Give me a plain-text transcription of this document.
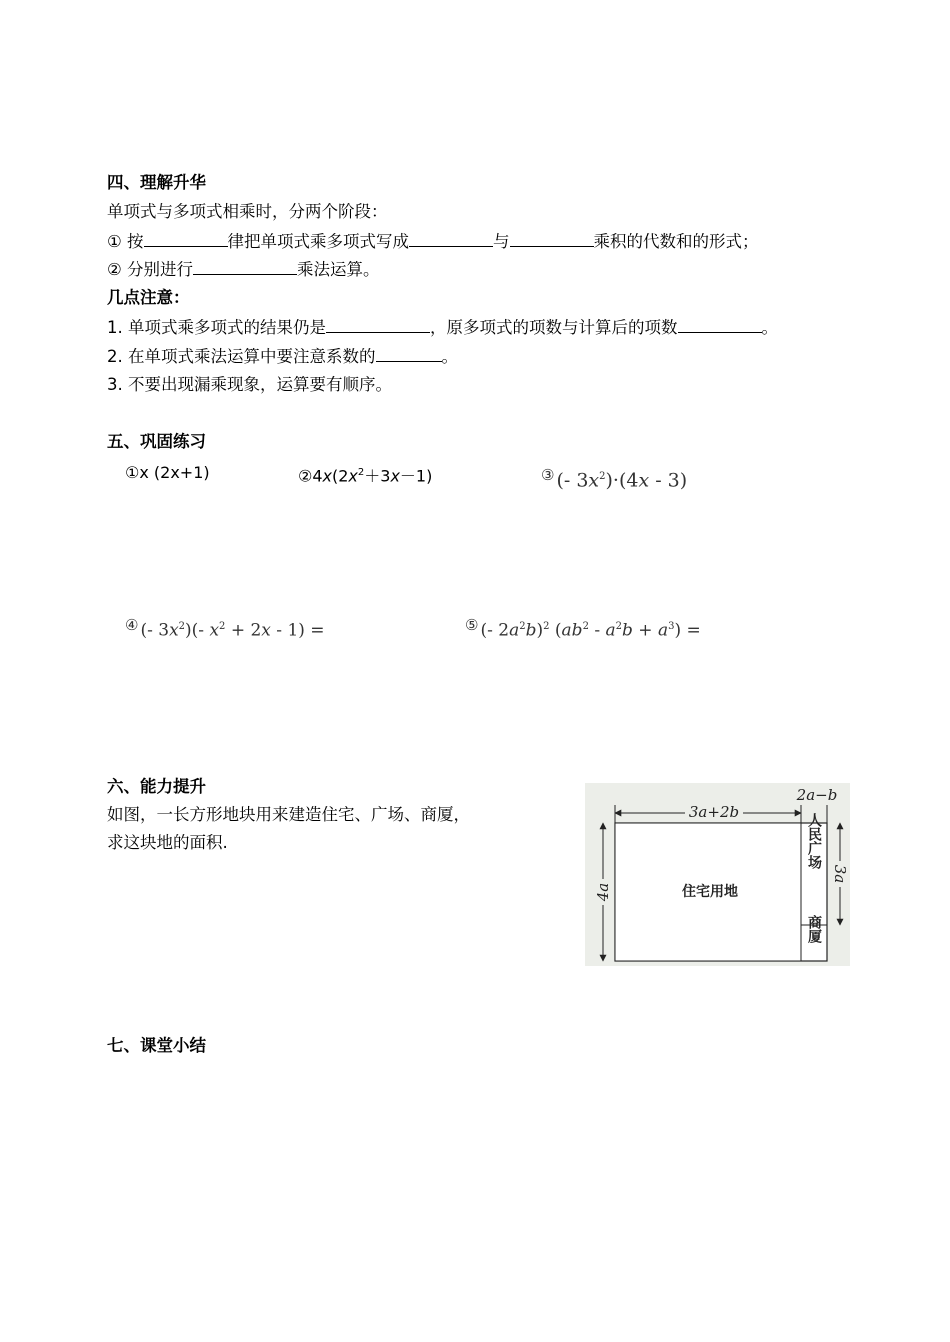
四、理解升华
单项式与多项式相乘时，分两个阶段：
① 按	律把单项式乘多项式写成	与	乘积的代数和的形式；
② 分别进行	乘法运算。
几点注意：
1. 单项式乘多项式的结果仍是	，原多项式的项数与计算后的项数	。
2. 在单项式乘法运算中要注意系数的	。
3. 不要出现漏乘现象，运算要有顺序。
五、巩固练习
①x (2x+1)	$②4x(2x^2+3x-1)$	③ (- $3x^2)\cdot(4x - 3)$
④ (- $3x^2)(-$ $x^2 + 2x - 1$) =	⑤ (- $2a^2b)^2$ $(ab^2 - a^2b + a^3)$ =
六、能力提升
如图，一长方形地块用来建造住宅、广场、商厦，
求这块地的面积.
3a+2b
2a−b
4a
3a
住宅用地
人民广场
商厦
七、课堂小结
